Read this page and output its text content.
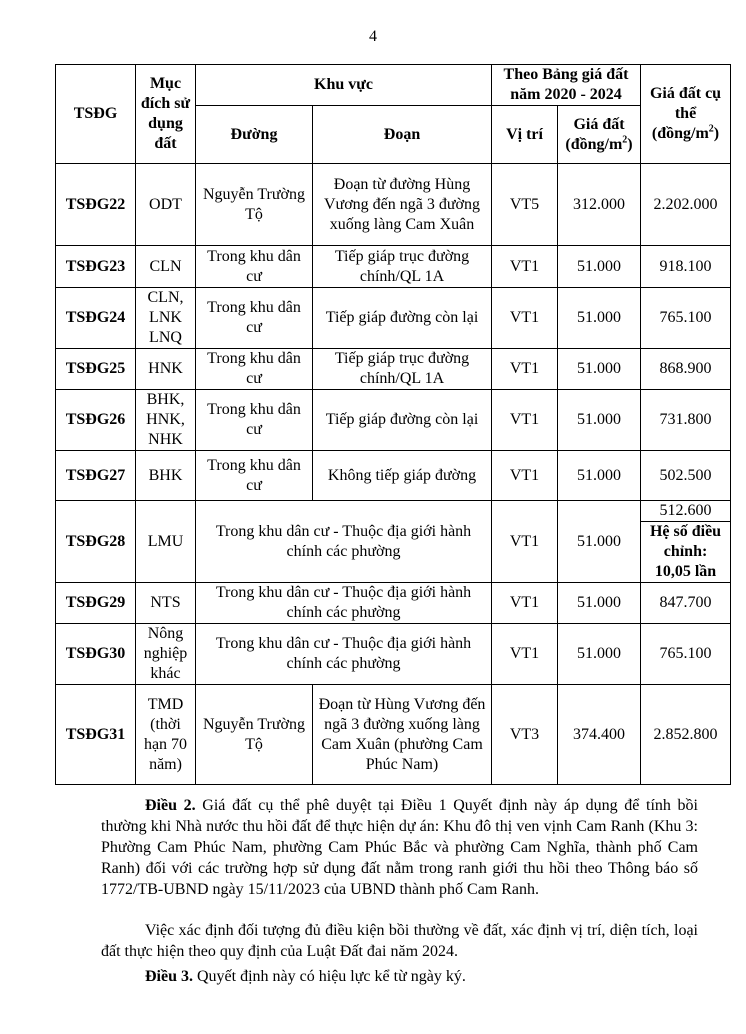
4
TSĐG	Mục đích sử dụng đất	Khu vực		Theo Bảng giá đất năm 2020 - 2024		Giá đất cụ thể $(đồng/m^2)$
		Đường	Đoạn	Vị trí	Giá đất $(đồng/m^2)$	
TSĐG22	ODT	Nguyễn Trường Tộ	Đoạn từ đường Hùng Vương đến ngã 3 đường xuống làng Cam Xuân	VT5	312.000	2.202.000
TSĐG23	CLN	Trong khu dân cư	Tiếp giáp trục đường chính/QL 1A	VT1	51.000	918.100
TSĐG24	CLN, LNK LNQ	Trong khu dân cư	Tiếp giáp đường còn lại	VT1	51.000	765.100
TSĐG25	HNK	Trong khu dân cư	Tiếp giáp trục đường chính/QL 1A	VT1	51.000	868.900
TSĐG26	BHK, HNK, NHK	Trong khu dân cư	Tiếp giáp đường còn lại	VT1	51.000	731.800
TSĐG27	BHK	Trong khu dân cư	Không tiếp giáp đường	VT1	51.000	502.500
TSĐG28	LMU	Trong khu dân cư - Thuộc địa giới hành chính các phường		VT1	51.000	512.600
Hệ số điều chỉnh: 10,05 lần

TSĐG29	NTS	Trong khu dân cư - Thuộc địa giới hành chính các phường		VT1	51.000	847.700
TSĐG30	Nông nghiệp khác	Trong khu dân cư - Thuộc địa giới hành chính các phường		VT1	51.000	765.100
TSĐG31	TMD (thời hạn 70 năm)	Nguyễn Trường Tộ	Đoạn từ Hùng Vương đến ngã 3 đường xuống làng Cam Xuân (phường Cam Phúc Nam)	VT3	374.400	2.852.800

Điều 2. Giá đất cụ thể phê duyệt tại Điều 1 Quyết định này áp dụng để tính bồi thường khi Nhà nước thu hồi đất để thực hiện dự án: Khu đô thị ven vịnh Cam Ranh (Khu 3: Phường Cam Phúc Nam, phường Cam Phúc Bắc và phường Cam Nghĩa, thành phố Cam Ranh) đối với các trường hợp sử dụng đất nằm trong ranh giới thu hồi theo Thông báo số 1772/TB-UBND ngày 15/11/2023 của UBND thành phố Cam Ranh.

Việc xác định đối tượng đủ điều kiện bồi thường về đất, xác định vị trí, diện tích, loại đất thực hiện theo quy định của Luật Đất đai năm 2024.

Điều 3. Quyết định này có hiệu lực kể từ ngày ký.
